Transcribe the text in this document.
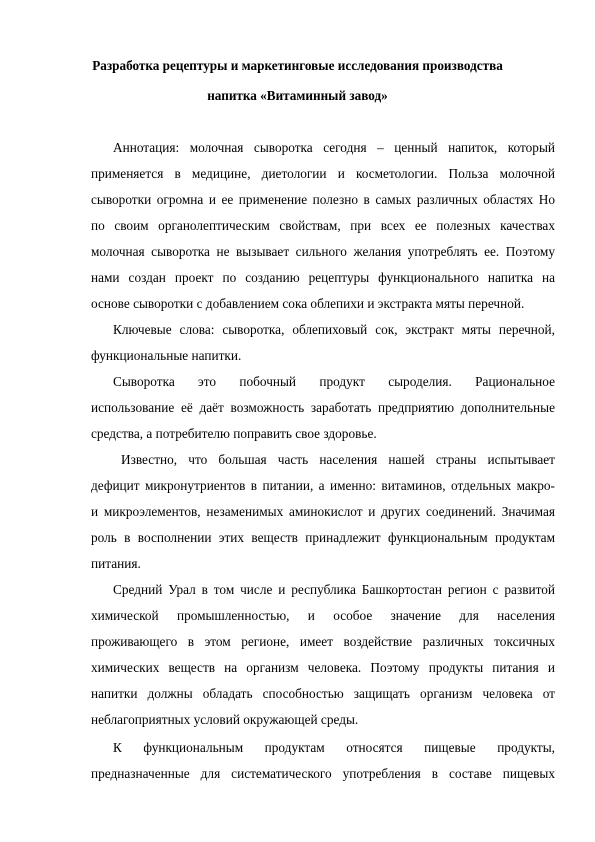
Разработка рецептуры и маркетинговые исследования производства
напитка «Витаминный завод»
Аннотация: молочная сыворотка сегодня – ценный напиток, который
применяется в медицине, диетологии и косметологии. Польза молочной
сыворотки огромна и ее применение полезно в самых различных областях Но
по своим органолептическим свойствам, при всех ее полезных качествах
молочная сыворотка не вызывает сильного желания употреблять ее. Поэтому
нами создан проект по созданию рецептуры функционального напитка на
основе сыворотки с добавлением сока облепихи и экстракта мяты перечной.
Ключевые слова: сыворотка, облепиховый сок, экстракт мяты перечной,
функциональные напитки.
Сыворотка это побочный продукт сыроделия. Рациональное
использование её даёт возможность заработать предприятию дополнительные
средства, а потребителю поправить свое здоровье.
Известно, что большая часть населения нашей страны испытывает
дефицит микронутриентов в питании, а именно: витаминов, отдельных макро-
и микроэлементов, незаменимых аминокислот и других соединений. Значимая
роль в восполнении этих веществ принадлежит функциональным продуктам
питания.
Средний Урал в том числе и республика Башкортостан регион с развитой
химической промышленностью, и особое значение для населения
проживающего в этом регионе, имеет воздействие различных токсичных
химических веществ на организм человека. Поэтому продукты питания и
напитки должны обладать способностью защищать организм человека от
неблагоприятных условий окружающей среды.
К функциональным продуктам относятся пищевые продукты,
предназначенные для систематического употребления в составе пищевых
